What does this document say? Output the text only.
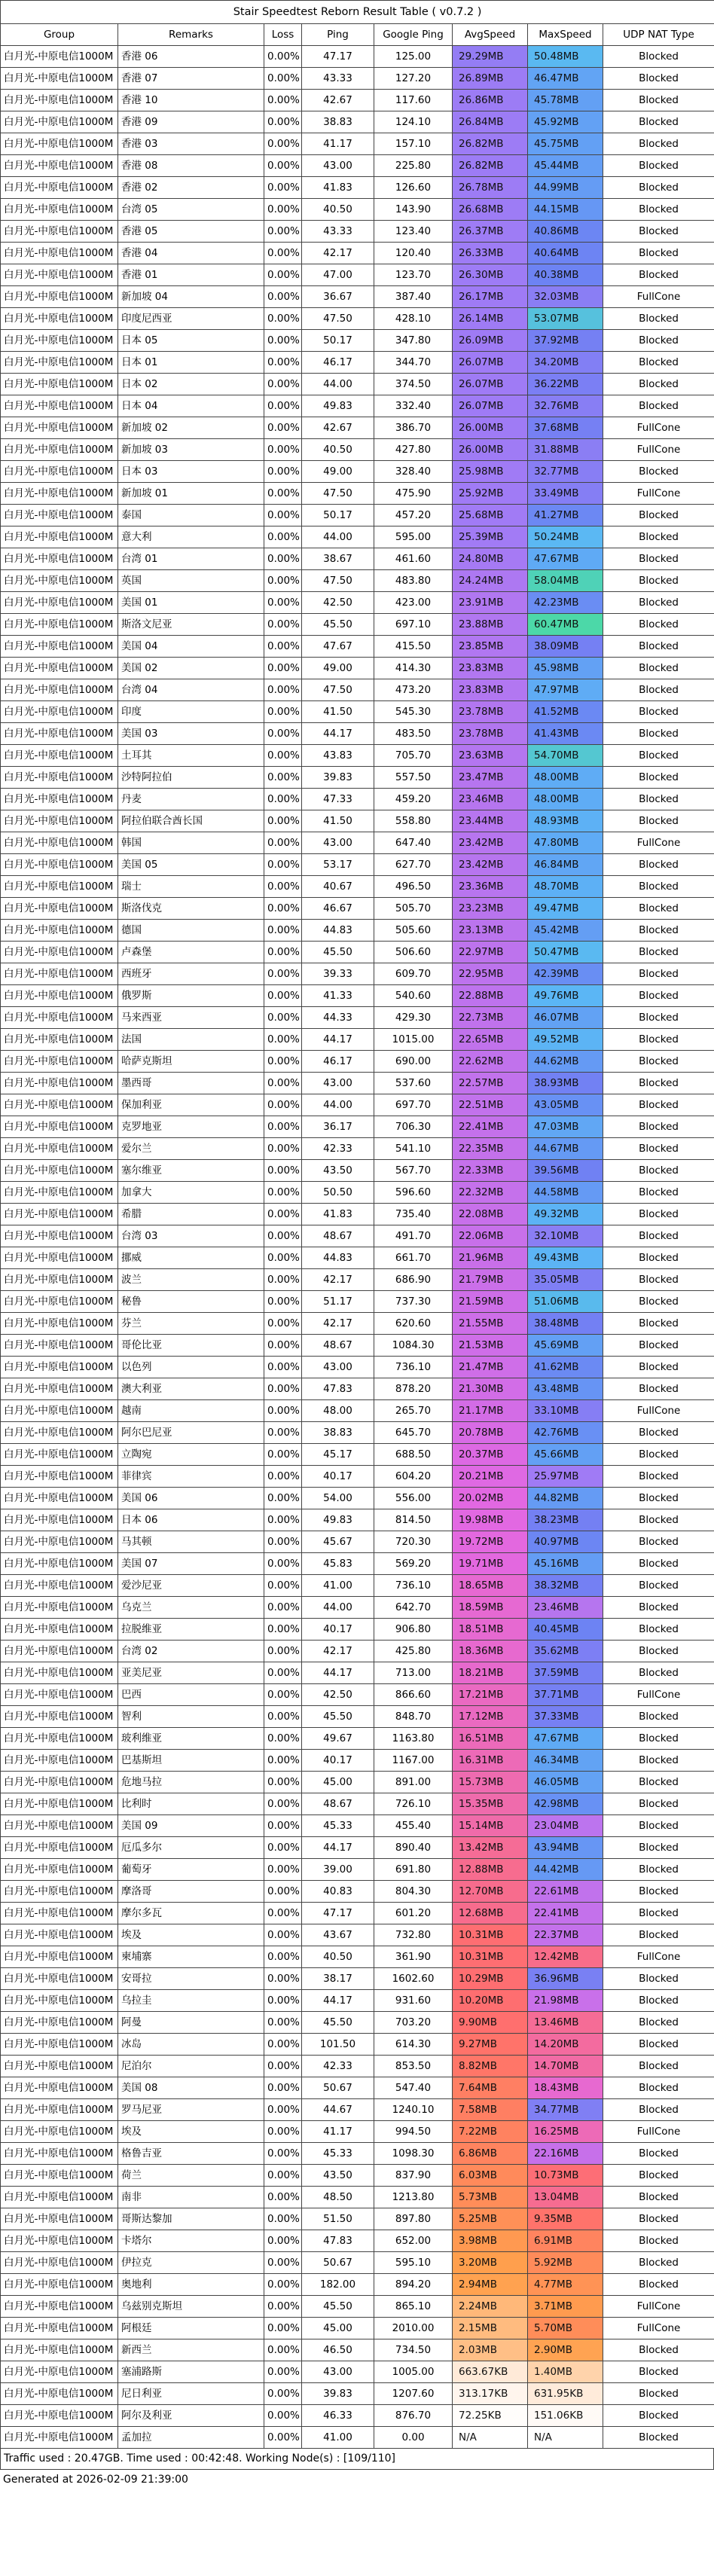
Stair Speedtest Reborn Result Table ( v0.7.2 )							
Group	Remarks	Loss	Ping	Google Ping	AvgSpeed	MaxSpeed	UDP NAT Type
白月光-中原电信1000M	香港 06	0.00%	47.17	125.00	29.29MB	50.48MB	Blocked
白月光-中原电信1000M	香港 07	0.00%	43.33	127.20	26.89MB	46.47MB	Blocked
白月光-中原电信1000M	香港 10	0.00%	42.67	117.60	26.86MB	45.78MB	Blocked
白月光-中原电信1000M	香港 09	0.00%	38.83	124.10	26.84MB	45.92MB	Blocked
白月光-中原电信1000M	香港 03	0.00%	41.17	157.10	26.82MB	45.75MB	Blocked
白月光-中原电信1000M	香港 08	0.00%	43.00	225.80	26.82MB	45.44MB	Blocked
白月光-中原电信1000M	香港 02	0.00%	41.83	126.60	26.78MB	44.99MB	Blocked
白月光-中原电信1000M	台湾 05	0.00%	40.50	143.90	26.68MB	44.15MB	Blocked
白月光-中原电信1000M	香港 05	0.00%	43.33	123.40	26.37MB	40.86MB	Blocked
白月光-中原电信1000M	香港 04	0.00%	42.17	120.40	26.33MB	40.64MB	Blocked
白月光-中原电信1000M	香港 01	0.00%	47.00	123.70	26.30MB	40.38MB	Blocked
白月光-中原电信1000M	新加坡 04	0.00%	36.67	387.40	26.17MB	32.03MB	FullCone
白月光-中原电信1000M	印度尼西亚	0.00%	47.50	428.10	26.14MB	53.07MB	Blocked
白月光-中原电信1000M	日本 05	0.00%	50.17	347.80	26.09MB	37.92MB	Blocked
白月光-中原电信1000M	日本 01	0.00%	46.17	344.70	26.07MB	34.20MB	Blocked
白月光-中原电信1000M	日本 02	0.00%	44.00	374.50	26.07MB	36.22MB	Blocked
白月光-中原电信1000M	日本 04	0.00%	49.83	332.40	26.07MB	32.76MB	Blocked
白月光-中原电信1000M	新加坡 02	0.00%	42.67	386.70	26.00MB	37.68MB	FullCone
白月光-中原电信1000M	新加坡 03	0.00%	40.50	427.80	26.00MB	31.88MB	FullCone
白月光-中原电信1000M	日本 03	0.00%	49.00	328.40	25.98MB	32.77MB	Blocked
白月光-中原电信1000M	新加坡 01	0.00%	47.50	475.90	25.92MB	33.49MB	FullCone
白月光-中原电信1000M	泰国	0.00%	50.17	457.20	25.68MB	41.27MB	Blocked
白月光-中原电信1000M	意大利	0.00%	44.00	595.00	25.39MB	50.24MB	Blocked
白月光-中原电信1000M	台湾 01	0.00%	38.67	461.60	24.80MB	47.67MB	Blocked
白月光-中原电信1000M	英国	0.00%	47.50	483.80	24.24MB	58.04MB	Blocked
白月光-中原电信1000M	美国 01	0.00%	42.50	423.00	23.91MB	42.23MB	Blocked
白月光-中原电信1000M	斯洛文尼亚	0.00%	45.50	697.10	23.88MB	60.47MB	Blocked
白月光-中原电信1000M	美国 04	0.00%	47.67	415.50	23.85MB	38.09MB	Blocked
白月光-中原电信1000M	美国 02	0.00%	49.00	414.30	23.83MB	45.98MB	Blocked
白月光-中原电信1000M	台湾 04	0.00%	47.50	473.20	23.83MB	47.97MB	Blocked
白月光-中原电信1000M	印度	0.00%	41.50	545.30	23.78MB	41.52MB	Blocked
白月光-中原电信1000M	美国 03	0.00%	44.17	483.50	23.78MB	41.43MB	Blocked
白月光-中原电信1000M	土耳其	0.00%	43.83	705.70	23.63MB	54.70MB	Blocked
白月光-中原电信1000M	沙特阿拉伯	0.00%	39.83	557.50	23.47MB	48.00MB	Blocked
白月光-中原电信1000M	丹麦	0.00%	47.33	459.20	23.46MB	48.00MB	Blocked
白月光-中原电信1000M	阿拉伯联合酋长国	0.00%	41.50	558.80	23.44MB	48.93MB	Blocked
白月光-中原电信1000M	韩国	0.00%	43.00	647.40	23.42MB	47.80MB	FullCone
白月光-中原电信1000M	美国 05	0.00%	53.17	627.70	23.42MB	46.84MB	Blocked
白月光-中原电信1000M	瑞士	0.00%	40.67	496.50	23.36MB	48.70MB	Blocked
白月光-中原电信1000M	斯洛伐克	0.00%	46.67	505.70	23.23MB	49.47MB	Blocked
白月光-中原电信1000M	德国	0.00%	44.83	505.60	23.13MB	45.42MB	Blocked
白月光-中原电信1000M	卢森堡	0.00%	45.50	506.60	22.97MB	50.47MB	Blocked
白月光-中原电信1000M	西班牙	0.00%	39.33	609.70	22.95MB	42.39MB	Blocked
白月光-中原电信1000M	俄罗斯	0.00%	41.33	540.60	22.88MB	49.76MB	Blocked
白月光-中原电信1000M	马来西亚	0.00%	44.33	429.30	22.73MB	46.07MB	Blocked
白月光-中原电信1000M	法国	0.00%	44.17	1015.00	22.65MB	49.52MB	Blocked
白月光-中原电信1000M	哈萨克斯坦	0.00%	46.17	690.00	22.62MB	44.62MB	Blocked
白月光-中原电信1000M	墨西哥	0.00%	43.00	537.60	22.57MB	38.93MB	Blocked
白月光-中原电信1000M	保加利亚	0.00%	44.00	697.70	22.51MB	43.05MB	Blocked
白月光-中原电信1000M	克罗地亚	0.00%	36.17	706.30	22.41MB	47.03MB	Blocked
白月光-中原电信1000M	爱尔兰	0.00%	42.33	541.10	22.35MB	44.67MB	Blocked
白月光-中原电信1000M	塞尔维亚	0.00%	43.50	567.70	22.33MB	39.56MB	Blocked
白月光-中原电信1000M	加拿大	0.00%	50.50	596.60	22.32MB	44.58MB	Blocked
白月光-中原电信1000M	希腊	0.00%	41.83	735.40	22.08MB	49.32MB	Blocked
白月光-中原电信1000M	台湾 03	0.00%	48.67	491.70	22.06MB	32.10MB	Blocked
白月光-中原电信1000M	挪威	0.00%	44.83	661.70	21.96MB	49.43MB	Blocked
白月光-中原电信1000M	波兰	0.00%	42.17	686.90	21.79MB	35.05MB	Blocked
白月光-中原电信1000M	秘鲁	0.00%	51.17	737.30	21.59MB	51.06MB	Blocked
白月光-中原电信1000M	芬兰	0.00%	42.17	620.60	21.55MB	38.48MB	Blocked
白月光-中原电信1000M	哥伦比亚	0.00%	48.67	1084.30	21.53MB	45.69MB	Blocked
白月光-中原电信1000M	以色列	0.00%	43.00	736.10	21.47MB	41.62MB	Blocked
白月光-中原电信1000M	澳大利亚	0.00%	47.83	878.20	21.30MB	43.48MB	Blocked
白月光-中原电信1000M	越南	0.00%	48.00	265.70	21.17MB	33.10MB	FullCone
白月光-中原电信1000M	阿尔巴尼亚	0.00%	38.83	645.70	20.78MB	42.76MB	Blocked
白月光-中原电信1000M	立陶宛	0.00%	45.17	688.50	20.37MB	45.66MB	Blocked
白月光-中原电信1000M	菲律宾	0.00%	40.17	604.20	20.21MB	25.97MB	Blocked
白月光-中原电信1000M	美国 06	0.00%	54.00	556.00	20.02MB	44.82MB	Blocked
白月光-中原电信1000M	日本 06	0.00%	49.83	814.50	19.98MB	38.23MB	Blocked
白月光-中原电信1000M	马其顿	0.00%	45.67	720.30	19.72MB	40.97MB	Blocked
白月光-中原电信1000M	美国 07	0.00%	45.83	569.20	19.71MB	45.16MB	Blocked
白月光-中原电信1000M	爱沙尼亚	0.00%	41.00	736.10	18.65MB	38.32MB	Blocked
白月光-中原电信1000M	乌克兰	0.00%	44.00	642.70	18.59MB	23.46MB	Blocked
白月光-中原电信1000M	拉脱维亚	0.00%	40.17	906.80	18.51MB	40.45MB	Blocked
白月光-中原电信1000M	台湾 02	0.00%	42.17	425.80	18.36MB	35.62MB	Blocked
白月光-中原电信1000M	亚美尼亚	0.00%	44.17	713.00	18.21MB	37.59MB	Blocked
白月光-中原电信1000M	巴西	0.00%	42.50	866.60	17.21MB	37.71MB	FullCone
白月光-中原电信1000M	智利	0.00%	45.50	848.70	17.12MB	37.33MB	Blocked
白月光-中原电信1000M	玻利维亚	0.00%	49.67	1163.80	16.51MB	47.67MB	Blocked
白月光-中原电信1000M	巴基斯坦	0.00%	40.17	1167.00	16.31MB	46.34MB	Blocked
白月光-中原电信1000M	危地马拉	0.00%	45.00	891.00	15.73MB	46.05MB	Blocked
白月光-中原电信1000M	比利时	0.00%	48.67	726.10	15.35MB	42.98MB	Blocked
白月光-中原电信1000M	美国 09	0.00%	45.33	455.40	15.14MB	23.04MB	Blocked
白月光-中原电信1000M	厄瓜多尔	0.00%	44.17	890.40	13.42MB	43.94MB	Blocked
白月光-中原电信1000M	葡萄牙	0.00%	39.00	691.80	12.88MB	44.42MB	Blocked
白月光-中原电信1000M	摩洛哥	0.00%	40.83	804.30	12.70MB	22.61MB	Blocked
白月光-中原电信1000M	摩尔多瓦	0.00%	47.17	601.20	12.68MB	22.41MB	Blocked
白月光-中原电信1000M	埃及	0.00%	43.67	732.80	10.31MB	22.37MB	Blocked
白月光-中原电信1000M	柬埔寨	0.00%	40.50	361.90	10.31MB	12.42MB	FullCone
白月光-中原电信1000M	安哥拉	0.00%	38.17	1602.60	10.29MB	36.96MB	Blocked
白月光-中原电信1000M	乌拉圭	0.00%	44.17	931.60	10.20MB	21.98MB	Blocked
白月光-中原电信1000M	阿曼	0.00%	45.50	703.20	9.90MB	13.46MB	Blocked
白月光-中原电信1000M	冰岛	0.00%	101.50	614.30	9.27MB	14.20MB	Blocked
白月光-中原电信1000M	尼泊尔	0.00%	42.33	853.50	8.82MB	14.70MB	Blocked
白月光-中原电信1000M	美国 08	0.00%	50.67	547.40	7.64MB	18.43MB	Blocked
白月光-中原电信1000M	罗马尼亚	0.00%	44.67	1240.10	7.58MB	34.77MB	Blocked
白月光-中原电信1000M	埃及	0.00%	41.17	994.50	7.22MB	16.25MB	FullCone
白月光-中原电信1000M	格鲁吉亚	0.00%	45.33	1098.30	6.86MB	22.16MB	Blocked
白月光-中原电信1000M	荷兰	0.00%	43.50	837.90	6.03MB	10.73MB	Blocked
白月光-中原电信1000M	南非	0.00%	48.50	1213.80	5.73MB	13.04MB	Blocked
白月光-中原电信1000M	哥斯达黎加	0.00%	51.50	897.80	5.25MB	9.35MB	Blocked
白月光-中原电信1000M	卡塔尔	0.00%	47.83	652.00	3.98MB	6.91MB	Blocked
白月光-中原电信1000M	伊拉克	0.00%	50.67	595.10	3.20MB	5.92MB	Blocked
白月光-中原电信1000M	奥地利	0.00%	182.00	894.20	2.94MB	4.77MB	Blocked
白月光-中原电信1000M	乌兹别克斯坦	0.00%	45.50	865.10	2.24MB	3.71MB	FullCone
白月光-中原电信1000M	阿根廷	0.00%	45.00	2010.00	2.15MB	5.70MB	FullCone
白月光-中原电信1000M	新西兰	0.00%	46.50	734.50	2.03MB	2.90MB	Blocked
白月光-中原电信1000M	塞浦路斯	0.00%	43.00	1005.00	663.67KB	1.40MB	Blocked
白月光-中原电信1000M	尼日利亚	0.00%	39.83	1207.60	313.17KB	631.95KB	Blocked
白月光-中原电信1000M	阿尔及利亚	0.00%	46.33	876.70	72.25KB	151.06KB	Blocked
白月光-中原电信1000M	孟加拉	0.00%	41.00	0.00	N/A	N/A	Blocked
Traffic used : 20.47GB. Time used : 00:42:48. Working Node(s) : [109/110]
Generated at 2026-02-09 21:39:00
